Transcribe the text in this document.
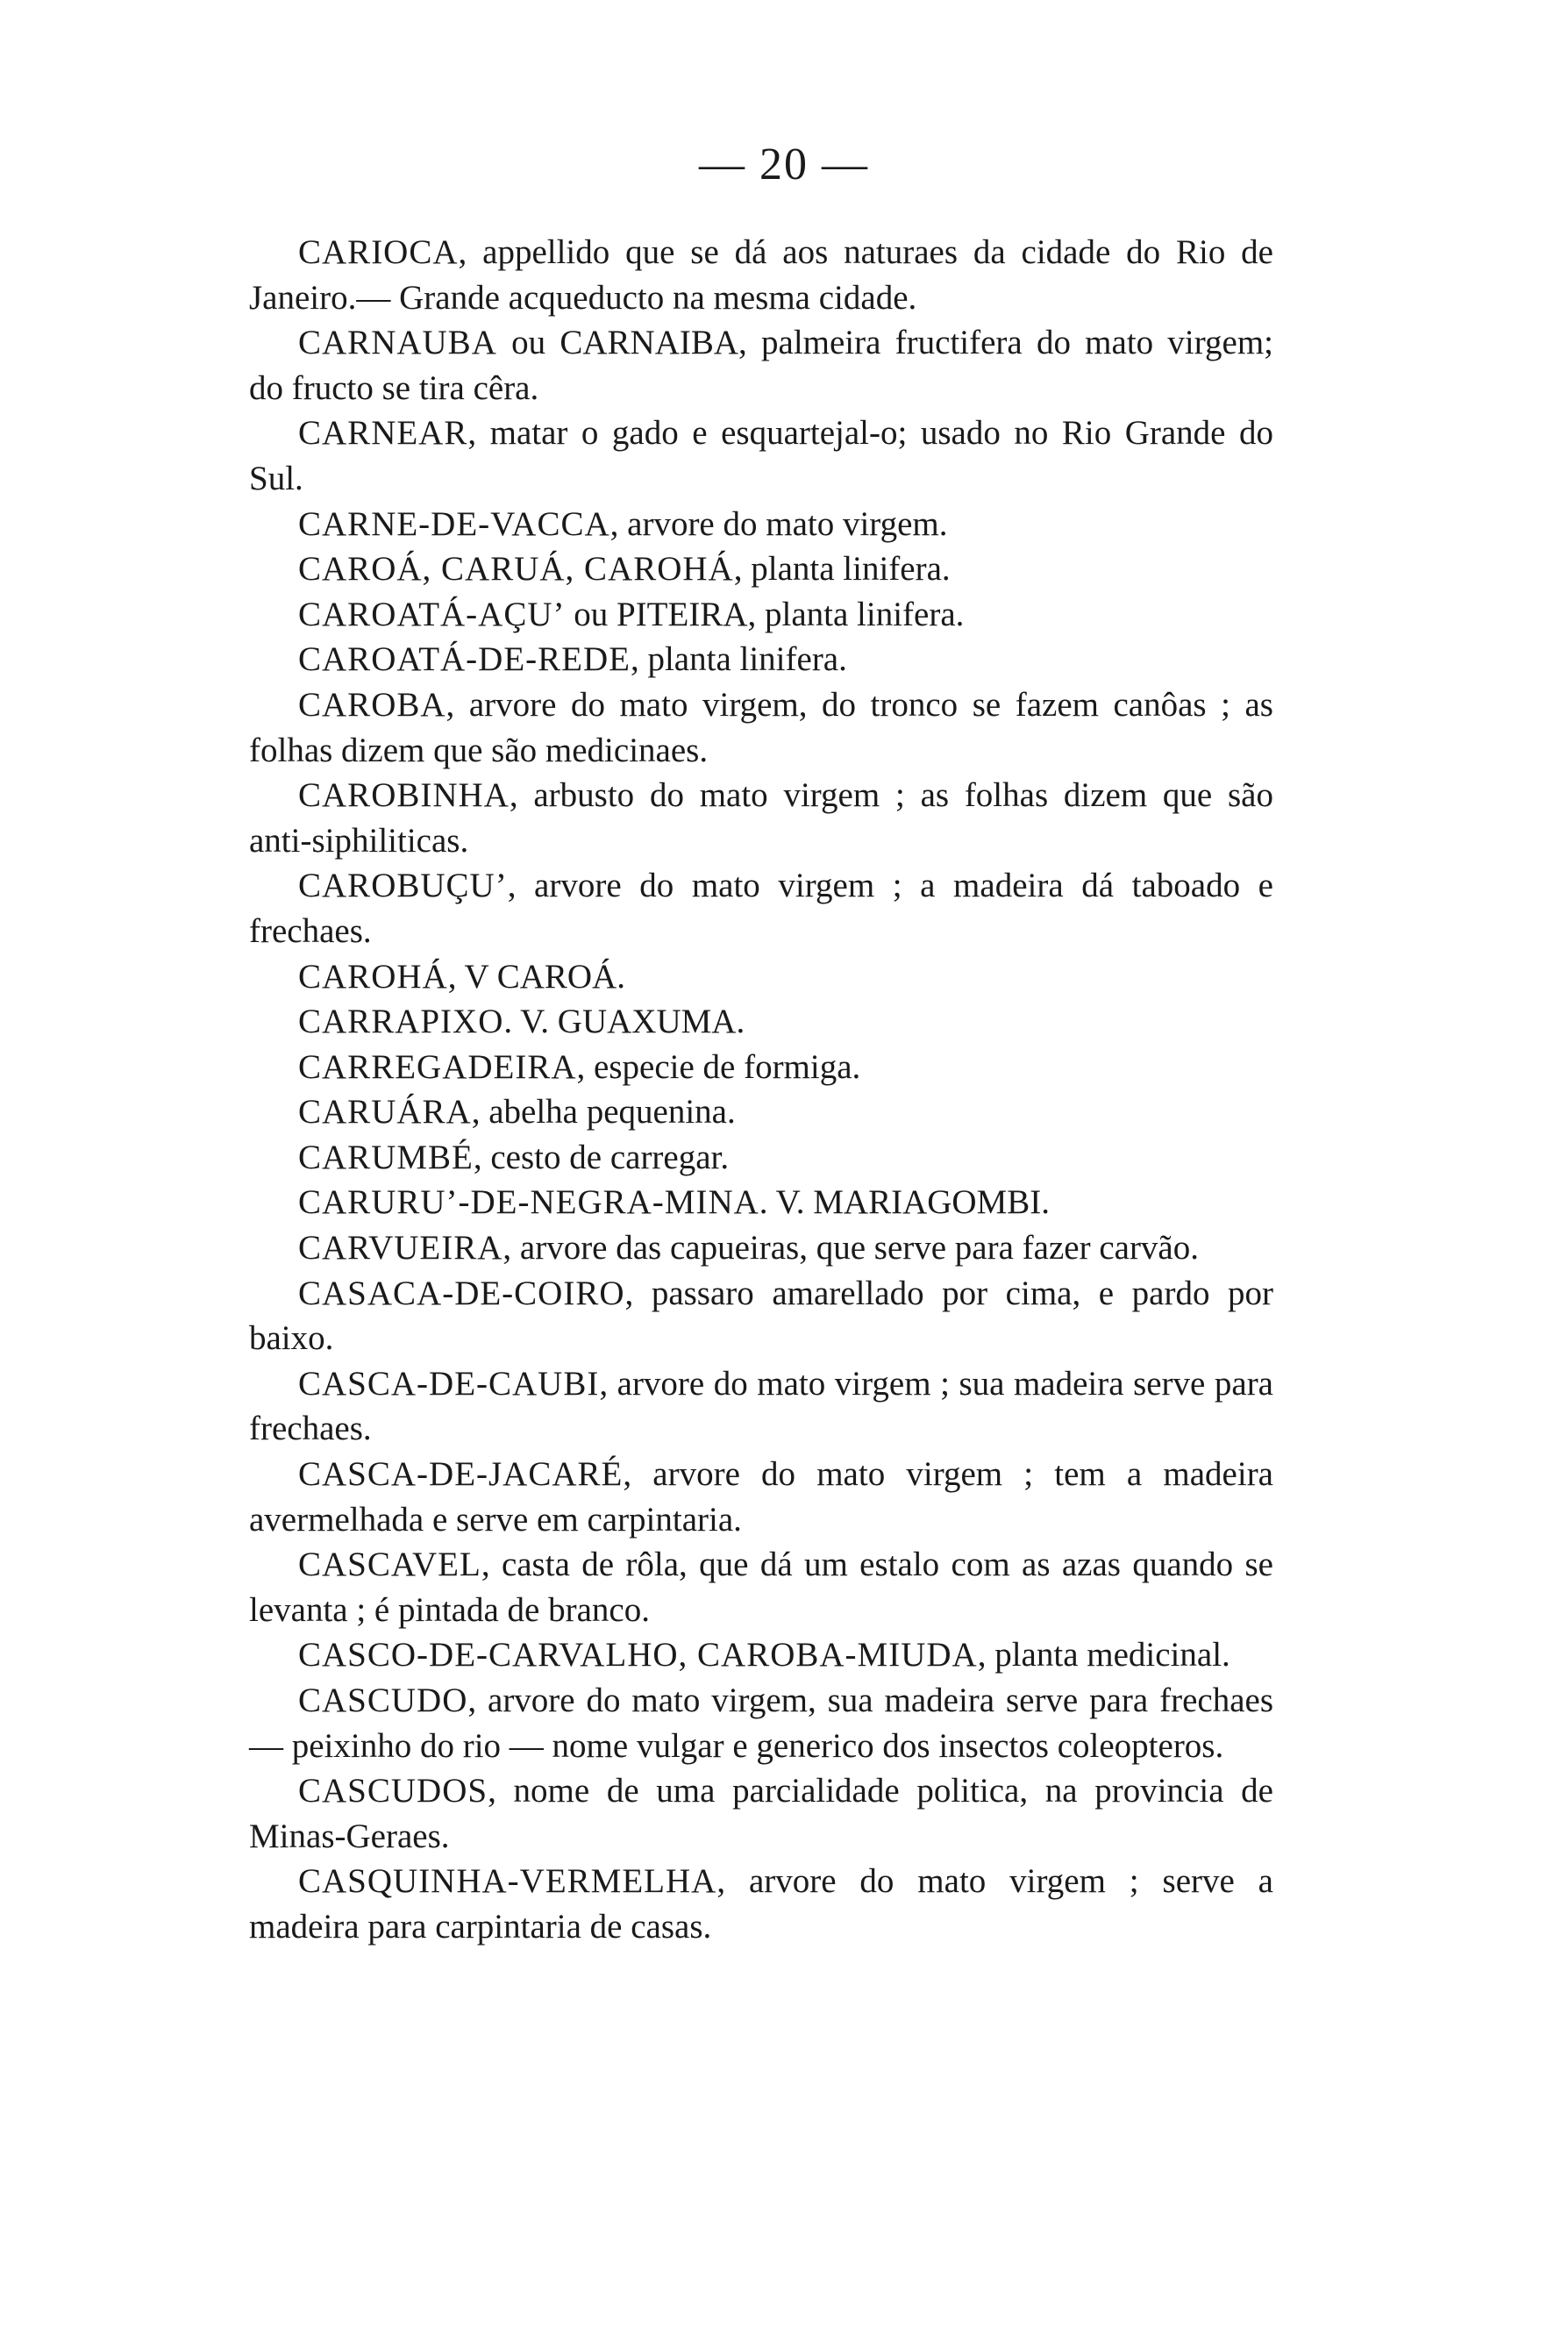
— 20 —

CARIOCA, appellido que se dá aos naturaes da cidade do Rio de Janeiro.— Grande acqueducto na mesma cidade.

CARNAUBA ou CARNAIBA, palmeira fructifera do mato virgem; do fructo se tira cêra.

CARNEAR, matar o gado e esquartejal-o; usado no Rio Grande do Sul.

CARNE-DE-VACCA, arvore do mato virgem.

CAROÁ, CARUÁ, CAROHÁ, planta linifera.

CAROATÁ-AÇU’ ou PITEIRA, planta linifera.

CAROATÁ-DE-REDE, planta linifera.

CAROBA, arvore do mato virgem, do tronco se fazem canôas ; as folhas dizem que são medicinaes.

CAROBINHA, arbusto do mato virgem ; as folhas dizem que são anti-siphiliticas.

CAROBUÇU’, arvore do mato virgem ; a madeira dá taboado e frechaes.

CAROHÁ, V CAROÁ.

CARRAPIXO. V. GUAXUMA.

CARREGADEIRA, especie de formiga.

CARUÁRA, abelha pequenina.

CARUMBÉ, cesto de carregar.

CARURU’-DE-NEGRA-MINA. V. MARIAGOMBI.

CARVUEIRA, arvore das capueiras, que serve para fazer carvão.

CASACA-DE-COIRO, passaro amarellado por cima, e pardo por baixo.

CASCA-DE-CAUBI, arvore do mato virgem ; sua madeira serve para frechaes.

CASCA-DE-JACARÉ, arvore do mato virgem ; tem a madeira avermelhada e serve em carpintaria.

CASCAVEL, casta de rôla, que dá um estalo com as azas quando se levanta ; é pintada de branco.

CASCO-DE-CARVALHO, CAROBA-MIUDA, planta medicinal.

CASCUDO, arvore do mato virgem, sua madeira serve para frechaes — peixinho do rio — nome vulgar e generico dos insectos coleopteros.

CASCUDOS, nome de uma parcialidade politica, na provincia de Minas-Geraes.

CASQUINHA-VERMELHA, arvore do mato virgem ; serve a madeira para carpintaria de casas.
